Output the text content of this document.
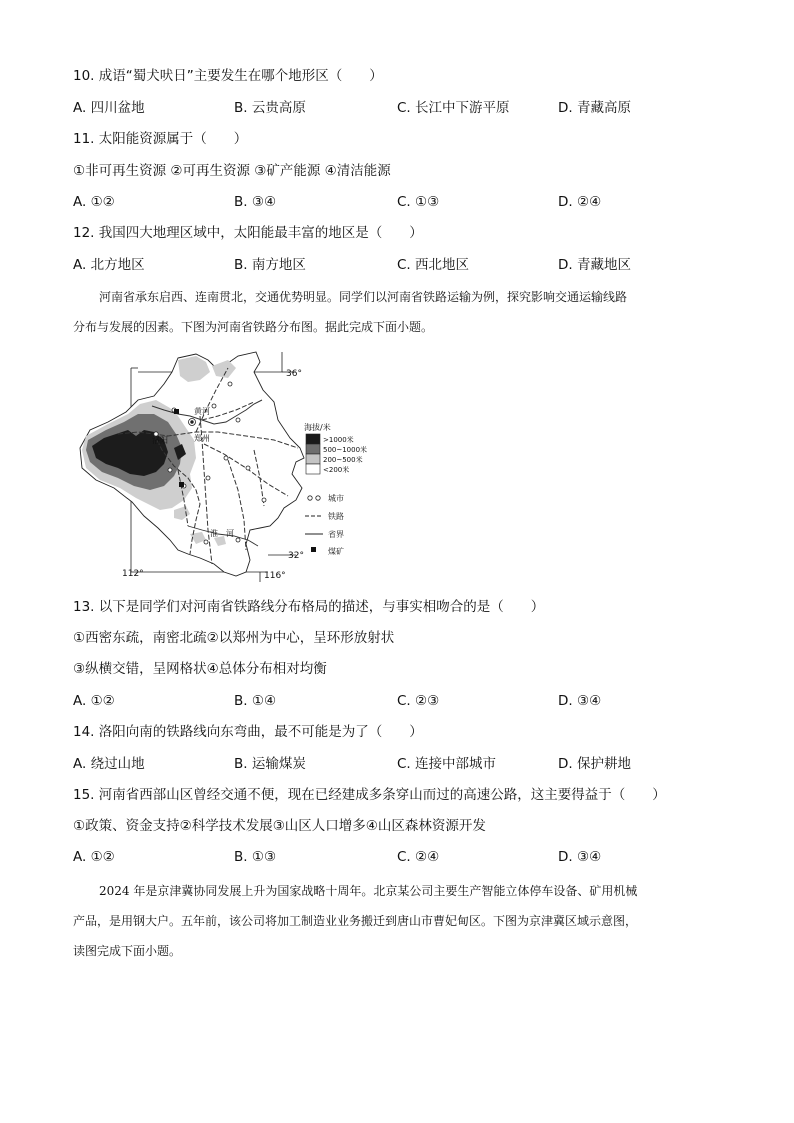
10. 成语“蜀犬吠日”主要发生在哪个地形区（　　）
A. 四川盆地	B. 云贵高原	C. 长江中下游平原	D. 青藏高原
11. 太阳能资源属于（　　）
①非可再生资源 ②可再生资源 ③矿产能源 ④清洁能源
A. ①②	B. ③④	C. ①③	D. ②④
12. 我国四大地理区域中，太阳能最丰富的地区是（　　）
A. 北方地区	B. 南方地区	C. 西北地区	D. 青藏地区
河南省承东启西、连南贯北，交通优势明显。同学们以河南省铁路运输为例，探究影响交通运输线路
分布与发展的因素。下图为河南省铁路分布图。据此完成下面小题。
36°
32°
112°	116°
黄河
淮　河
洛阳	郑州
海拔/米
>1000米
500~1000米
200~500米
<200米
城市
铁路
省界
煤矿
13. 以下是同学们对河南省铁路线分布格局的描述，与事实相吻合的是（　　）
①西密东疏，南密北疏②以郑州为中心，呈环形放射状
③纵横交错，呈网格状④总体分布相对均衡
A. ①②	B. ①④	C. ②③	D. ③④
14. 洛阳向南的铁路线向东弯曲，最不可能是为了（　　）
A. 绕过山地	B. 运输煤炭	C. 连接中部城市	D. 保护耕地
15. 河南省西部山区曾经交通不便，现在已经建成多条穿山而过的高速公路，这主要得益于（　　）
①政策、资金支持②科学技术发展③山区人口增多④山区森林资源开发
A. ①②	B. ①③	C. ②④	D. ③④
2024 年是京津冀协同发展上升为国家战略十周年。北京某公司主要生产智能立体停车设备、矿用机械
产品，是用钢大户。五年前，该公司将加工制造业业务搬迁到唐山市曹妃甸区。下图为京津冀区域示意图，
读图完成下面小题。
